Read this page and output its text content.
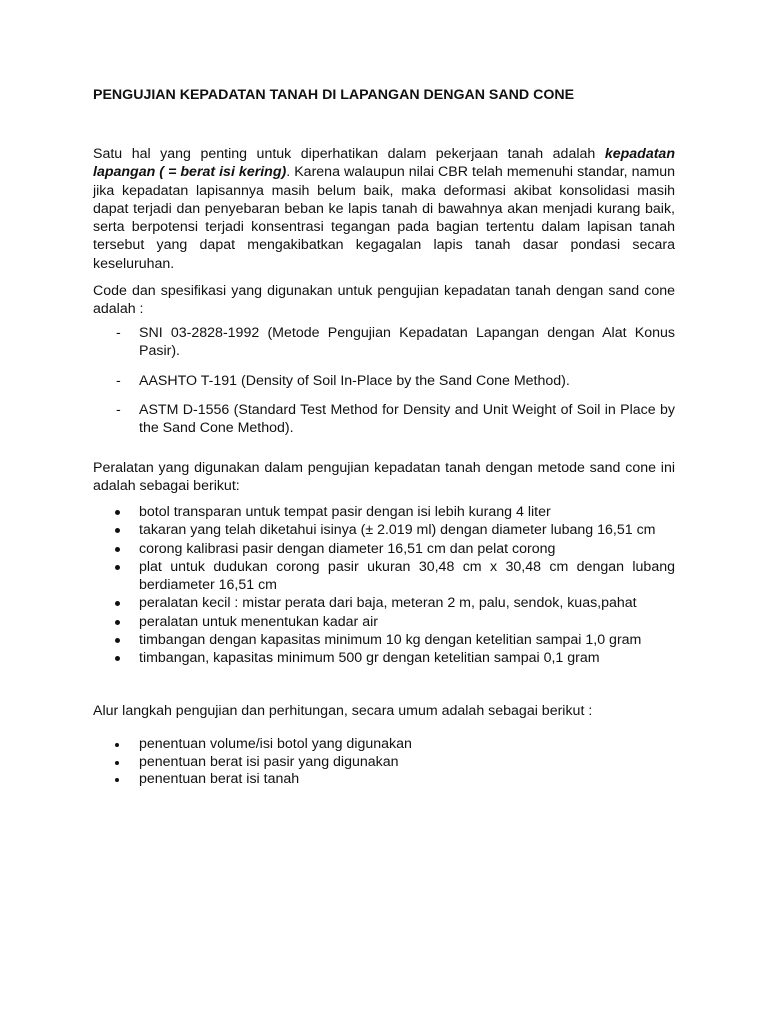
PENGUJIAN KEPADATAN TANAH DI LAPANGAN DENGAN SAND CONE

Satu hal yang penting untuk diperhatikan dalam pekerjaan tanah adalah kepadatan lapangan ( = berat isi kering). Karena walaupun nilai CBR telah memenuhi standar, namun jika kepadatan lapisannya masih belum baik, maka deformasi akibat konsolidasi masih dapat terjadi dan penyebaran beban ke lapis tanah di bawahnya akan menjadi kurang baik, serta berpotensi terjadi konsentrasi tegangan pada bagian tertentu dalam lapisan tanah tersebut yang dapat mengakibatkan kegagalan lapis tanah dasar pondasi secara keseluruhan.

Code dan spesifikasi yang digunakan untuk pengujian kepadatan tanah dengan sand cone adalah :

- SNI 03-2828-1992 (Metode Pengujian Kepadatan Lapangan dengan Alat Konus Pasir).
- AASHTO T-191 (Density of Soil In-Place by the Sand Cone Method).
- ASTM D-1556 (Standard Test Method for Density and Unit Weight of Soil in Place by the Sand Cone Method).

Peralatan yang digunakan dalam pengujian kepadatan tanah dengan metode sand cone ini adalah sebagai berikut:

botol transparan untuk tempat pasir dengan isi lebih kurang 4 liter
takaran yang telah diketahui isinya (± 2.019 ml) dengan diameter lubang 16,51 cm
corong kalibrasi pasir dengan diameter 16,51 cm dan pelat corong
plat untuk dudukan corong pasir ukuran 30,48 cm x 30,48 cm dengan lubang berdiameter 16,51 cm
peralatan kecil : mistar perata dari baja, meteran 2 m, palu, sendok, kuas,pahat
peralatan untuk menentukan kadar air
timbangan dengan kapasitas minimum 10 kg dengan ketelitian sampai 1,0 gram
timbangan, kapasitas minimum 500 gr dengan ketelitian sampai 0,1 gram

Alur langkah pengujian dan perhitungan, secara umum adalah sebagai berikut :

penentuan volume/isi botol yang digunakan
penentuan berat isi pasir yang digunakan
penentuan berat isi tanah
